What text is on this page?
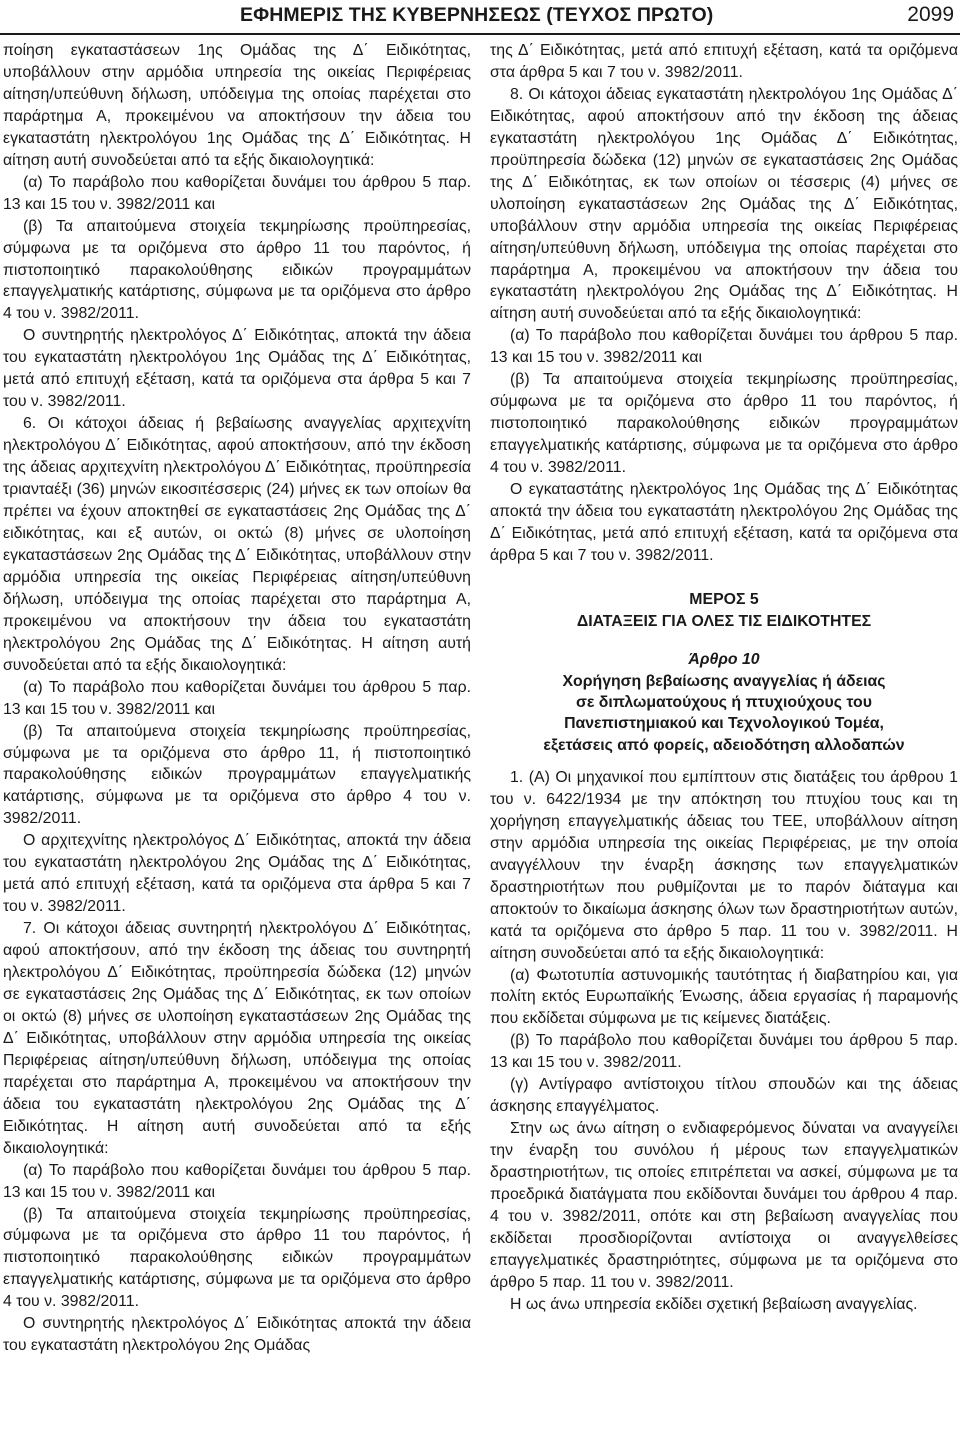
ΕΦΗΜΕΡΙΣ ΤΗΣ ΚΥΒΕΡΝΗΣΕΩΣ (ΤΕΥΧΟΣ ΠΡΩΤΟ)	2099

ποίηση εγκαταστάσεων 1ης Ομάδας της Δ΄ Ειδικότητας, υποβάλλουν στην αρμόδια υπηρεσία της οικείας Περιφέρειας αίτηση/υπεύθυνη δήλωση, υπόδειγμα της οποίας παρέχεται στο παράρτημα Α, προκειμένου να αποκτήσουν την άδεια του εγκαταστάτη ηλεκτρολόγου 1ης Ομάδας της Δ΄ Ειδικότητας. Η αίτηση αυτή συνοδεύεται από τα εξής δικαιολογητικά:

(α) Το παράβολο που καθορίζεται δυνάμει του άρθρου 5 παρ. 13 και 15 του ν. 3982/2011 και

(β) Τα απαιτούμενα στοιχεία τεκμηρίωσης προϋπηρεσίας, σύμφωνα με τα οριζόμενα στο άρθρο 11 του παρόντος, ή πιστοποιητικό παρακολούθησης ειδικών προγραμμάτων επαγγελματικής κατάρτισης, σύμφωνα με τα οριζόμενα στο άρθρο 4 του ν. 3982/2011.

Ο συντηρητής ηλεκτρολόγος Δ΄ Ειδικότητας, αποκτά την άδεια του εγκαταστάτη ηλεκτρολόγου 1ης Ομάδας της Δ΄ Ειδικότητας, μετά από επιτυχή εξέταση, κατά τα οριζόμενα στα άρθρα 5 και 7 του ν. 3982/2011.

6. Οι κάτοχοι άδειας ή βεβαίωσης αναγγελίας αρχιτεχνίτη ηλεκτρολόγου Δ΄ Ειδικότητας, αφού αποκτήσουν, από την έκδοση της άδειας αρχιτεχνίτη ηλεκτρολόγου Δ΄ Ειδικότητας, προϋπηρεσία τριανταέξι (36) μηνών εικοσιτέσσερις (24) μήνες εκ των οποίων θα πρέπει να έχουν αποκτηθεί σε εγκαταστάσεις 2ης Ομάδας της Δ΄ ειδικότητας, και εξ αυτών, οι οκτώ (8) μήνες σε υλοποίηση εγκαταστάσεων 2ης Ομάδας της Δ΄ Ειδικότητας, υποβάλλουν στην αρμόδια υπηρεσία της οικείας Περιφέρειας αίτηση/υπεύθυνη δήλωση, υπόδειγμα της οποίας παρέχεται στο παράρτημα Α, προκειμένου να αποκτήσουν την άδεια του εγκαταστάτη ηλεκτρολόγου 2ης Ομάδας της Δ΄ Ειδικότητας. Η αίτηση αυτή συνοδεύεται από τα εξής δικαιολογητικά:

(α) Το παράβολο που καθορίζεται δυνάμει του άρθρου 5 παρ. 13 και 15 του ν. 3982/2011 και

(β) Τα απαιτούμενα στοιχεία τεκμηρίωσης προϋπηρεσίας, σύμφωνα με τα οριζόμενα στο άρθρο 11, ή πιστοποιητικό παρακολούθησης ειδικών προγραμμάτων επαγγελματικής κατάρτισης, σύμφωνα με τα οριζόμενα στο άρθρο 4 του ν. 3982/2011.

Ο αρχιτεχνίτης ηλεκτρολόγος Δ΄ Ειδικότητας, αποκτά την άδεια του εγκαταστάτη ηλεκτρολόγου 2ης Ομάδας της Δ΄ Ειδικότητας, μετά από επιτυχή εξέταση, κατά τα οριζόμενα στα άρθρα 5 και 7 του ν. 3982/2011.

7. Οι κάτοχοι άδειας συντηρητή ηλεκτρολόγου Δ΄ Ειδικότητας, αφού αποκτήσουν, από την έκδοση της άδειας του συντηρητή ηλεκτρολόγου Δ΄ Ειδικότητας, προϋπηρεσία δώδεκα (12) μηνών σε εγκαταστάσεις 2ης Ομάδας της Δ΄ Ειδικότητας, εκ των οποίων οι οκτώ (8) μήνες σε υλοποίηση εγκαταστάσεων 2ης Ομάδας της Δ΄ Ειδικότητας, υποβάλλουν στην αρμόδια υπηρεσία της οικείας Περιφέρειας αίτηση/υπεύθυνη δήλωση, υπόδειγμα της οποίας παρέχεται στο παράρτημα Α, προκειμένου να αποκτήσουν την άδεια του εγκαταστάτη ηλεκτρολόγου 2ης Ομάδας της Δ΄ Ειδικότητας. Η αίτηση αυτή συνοδεύεται από τα εξής δικαιολογητικά:

(α) Το παράβολο που καθορίζεται δυνάμει του άρθρου 5 παρ. 13 και 15 του ν. 3982/2011 και

(β) Τα απαιτούμενα στοιχεία τεκμηρίωσης προϋπηρεσίας, σύμφωνα με τα οριζόμενα στο άρθρο 11 του παρόντος, ή πιστοποιητικό παρακολούθησης ειδικών προγραμμάτων επαγγελματικής κατάρτισης, σύμφωνα με τα οριζόμενα στο άρθρο 4 του ν. 3982/2011.

Ο συντηρητής ηλεκτρολόγος Δ΄ Ειδικότητας αποκτά την άδεια του εγκαταστάτη ηλεκτρολόγου 2ης Ομάδας

της Δ΄ Ειδικότητας, μετά από επιτυχή εξέταση, κατά τα οριζόμενα στα άρθρα 5 και 7 του ν. 3982/2011.

8. Οι κάτοχοι άδειας εγκαταστάτη ηλεκτρολόγου 1ης Ομάδας Δ΄ Ειδικότητας, αφού αποκτήσουν από την έκδοση της άδειας εγκαταστάτη ηλεκτρολόγου 1ης Ομάδας Δ΄ Ειδικότητας, προϋπηρεσία δώδεκα (12) μηνών σε εγκαταστάσεις 2ης Ομάδας της Δ΄ Ειδικότητας, εκ των οποίων οι τέσσερις (4) μήνες σε υλοποίηση εγκαταστάσεων 2ης Ομάδας της Δ΄ Ειδικότητας, υποβάλλουν στην αρμόδια υπηρεσία της οικείας Περιφέρειας αίτηση/υπεύθυνη δήλωση, υπόδειγμα της οποίας παρέχεται στο παράρτημα Α, προκειμένου να αποκτήσουν την άδεια του εγκαταστάτη ηλεκτρολόγου 2ης Ομάδας της Δ΄ Ειδικότητας. Η αίτηση αυτή συνοδεύεται από τα εξής δικαιολογητικά:

(α) Το παράβολο που καθορίζεται δυνάμει του άρθρου 5 παρ. 13 και 15 του ν. 3982/2011 και

(β) Τα απαιτούμενα στοιχεία τεκμηρίωσης προϋπηρεσίας, σύμφωνα με τα οριζόμενα στο άρθρο 11 του παρόντος, ή πιστοποιητικό παρακολούθησης ειδικών προγραμμάτων επαγγελματικής κατάρτισης, σύμφωνα με τα οριζόμενα στο άρθρο 4 του ν. 3982/2011.

Ο εγκαταστάτης ηλεκτρολόγος 1ης Ομάδας της Δ΄ Ειδικότητας αποκτά την άδεια του εγκαταστάτη ηλεκτρολόγου 2ης Ομάδας της Δ΄ Ειδικότητας, μετά από επιτυχή εξέταση, κατά τα οριζόμενα στα άρθρα 5 και 7 του ν. 3982/2011.

ΜΕΡΟΣ 5

ΔΙΑΤΑΞΕΙΣ ΓΙΑ ΟΛΕΣ ΤΙΣ ΕΙΔΙΚΟΤΗΤΕΣ

Άρθρο 10

Χορήγηση βεβαίωσης αναγγελίας ή άδειας

σε διπλωματούχους ή πτυχιούχους του

Πανεπιστημιακού και Τεχνολογικού Τομέα,

εξετάσεις από φορείς, αδειοδότηση αλλοδαπών

1. (Α) Οι μηχανικοί που εμπίπτουν στις διατάξεις του άρθρου 1 του ν. 6422/1934 με την απόκτηση του πτυχίου τους και τη χορήγηση επαγγελματικής άδειας του ΤΕΕ, υποβάλλουν αίτηση στην αρμόδια υπηρεσία της οικείας Περιφέρειας, με την οποία αναγγέλλουν την έναρξη άσκησης των επαγγελματικών δραστηριοτήτων που ρυθμίζονται με το παρόν διάταγμα και αποκτούν το δικαίωμα άσκησης όλων των δραστηριοτήτων αυτών, κατά τα οριζόμενα στο άρθρο 5 παρ. 11 του ν. 3982/2011. Η αίτηση συνοδεύεται από τα εξής δικαιολογητικά:

(α) Φωτοτυπία αστυνομικής ταυτότητας ή διαβατηρίου και, για πολίτη εκτός Ευρωπαϊκής Ένωσης, άδεια εργασίας ή παραμονής που εκδίδεται σύμφωνα με τις κείμενες διατάξεις.

(β) Το παράβολο που καθορίζεται δυνάμει του άρθρου 5 παρ. 13 και 15 του ν. 3982/2011.

(γ) Αντίγραφο αντίστοιχου τίτλου σπουδών και της άδειας άσκησης επαγγέλματος.

Στην ως άνω αίτηση ο ενδιαφερόμενος δύναται να αναγγείλει την έναρξη του συνόλου ή μέρους των επαγγελματικών δραστηριοτήτων, τις οποίες επιτρέπεται να ασκεί, σύμφωνα με τα προεδρικά διατάγματα που εκδίδονται δυνάμει του άρθρου 4 παρ. 4 του ν. 3982/2011, οπότε και στη βεβαίωση αναγγελίας που εκδίδεται προσδιορίζονται αντίστοιχα οι αναγγελθείσες επαγγελματικές δραστηριότητες, σύμφωνα με τα οριζόμενα στο άρθρο 5 παρ. 11 του ν. 3982/2011.

Η ως άνω υπηρεσία εκδίδει σχετική βεβαίωση αναγγελίας.
